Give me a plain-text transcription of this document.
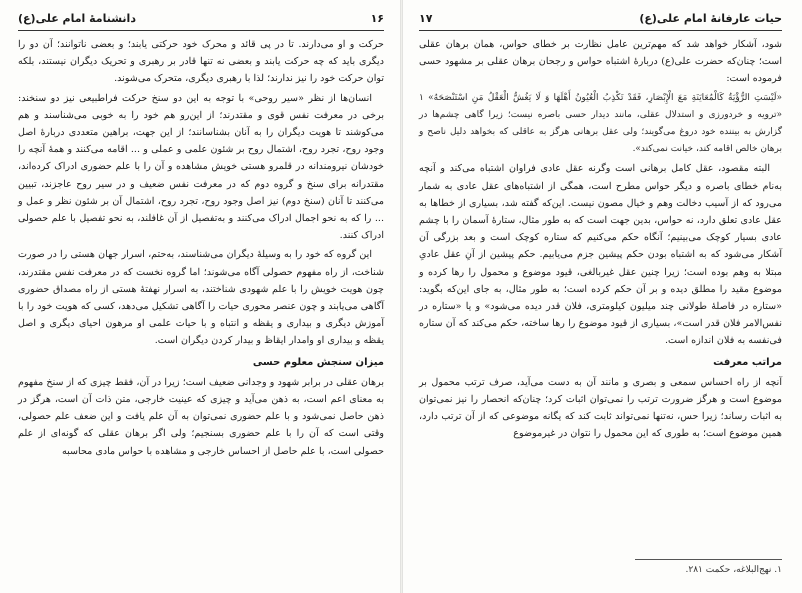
دانشنامهٔ امام علی(ع)	۱۶

حرکت و او می‌دارند. تا در پی قائد و محرک خود حرکتی یابند؛ و بعضی ناتوانند؛ آن دو را دیگری باید که چه حرکت یابند و بعضی نه تنها قادر بر رهبری و تحریک دیگران نیستند، بلکه توان حرکت خود را نیز ندارند؛ لذا با رهبری دیگری، متحرک می‌شوند.

انسان‌ها از نظر «سیر روحی» با توجه به این دو سنخ حرکت فراطبیعی نیز دو سنخند: برخی در معرفت نفس قوی و مقتدرند؛ از این‌رو هم خود را به خوبی می‌شناسند و هم می‌کوشند تا هویت دیگران را به آنان بشناسانند؛ از این جهت، براهین متعددی دربارهٔ اصل وجود روح، تجرد روح، اشتمال روح بر شئون علمی و عملی و ... اقامه می‌کنند و همهٔ آنچه را خودشان نیرومندانه در قلمرو هستی خویش مشاهده و آن را با علم حضوری ادراک کرده‌اند، مقتدرانه برای سنخ و گروه دوم که در معرفت نفس ضعیف و در سیر روح عاجزند، تبیین می‌کنند تا آنان (سنخ دوم) نیز اصل وجود روح، تجرد روح، اشتمال آن بر شئون نظر و عمل و ... را که به نحو اجمال ادراک می‌کنند و به‌تفصیل از آن غافلند، به نحو تفصیل با علم حصولی ادراک کنند.

این گروه که خود را به وسیلهٔ دیگران می‌شناسند، به‌حتم، اسرار جهان هستی را در صورت شناخت، از راه مفهوم حصولی آگاه می‌شوند؛ اما گروه نخست که در معرفت نفس مقتدرند، چون هویت خویش را با علم شهودی شناختند، به اسرار نهفتهٔ هستی از راه مصداق حضوری آگاهی می‌یابند و چون عنصر محوری حیات را آگاهی تشکیل می‌دهد، کسی که هویت خود را با آموزش دیگری و بیداری و یقظه و انتباه و با حیات علمی او مرهون احیای دیگری و اصل یقظه و بیداری او وامدار ایقاظ و بیدار کردن دیگران است.

میزان سنجش معلوم حسی

برهان عقلی در برابر شهود و وجدانی ضعیف است؛ زیرا در آن، فقط چیزی که از سنخ مفهوم به معنای اعم است، به ذهن می‌آید و چیزی که عینیت خارجی، متن ذات آن است، هرگز در ذهن حاصل نمی‌شود و با علم حضوری نمی‌توان به آن علم یافت و این ضعف علم حصولی، وقتی است که آن را با علم حضوری بسنجیم؛ ولی اگر برهان عقلی که گونه‌ای از علم حصولی است، با علم حاصل از احساس خارجی و مشاهده با حواس مادی محاسبه

حیات عارفانهٔ امام علی(ع)
۱۷

شود، آشکار خواهد شد که مهم‌ترین عامل نظارت بر خطای حواس، همان برهان عقلی است؛ چنان‌که حضرت علی(ع) دربارهٔ اشتباه حواس و رجحان برهان عقلی بر مشهود حسی فرموده است:

«لَیْسَتِ الرُّؤْیَةُ كَالْمُعَایَنَةِ مَعَ الْإِبْصَارِ، فَقَدْ تَكْذِبُ الْعُیُونُ أَهْلَهَا وَ لَا یَغُشُّ الْعَقْلُ مَنِ اسْتَنْصَحَهُ» ۱ «ترویه و خردورزی و استدلال عقلی، مانند دیدار حسی باصره نیست؛ زیرا گاهی چشم‌ها در گزارش به بیننده خود دروغ می‌گویند؛ ولی عقل برهانی هرگز به عاقلی که بخواهد دلیل ناصح و برهان خالص اقامه کند، خیانت نمی‌کند».

البته مقصود، عقل کامل برهانی است وگرنه عقل عادی فراوان اشتباه می‌کند و آنچه به‌نام خطای باصره و دیگر حواس مطرح است، همگی از اشتباه‌های عقل عادی به شمار می‌رود که از آسیب دخالت وهم و خیال مصون نیست. این‌که گفته شد، بسیاری از خطاها به عقل عادی تعلق دارد، نه حواس، بدین جهت است که به طور مثال، ستارهٔ آسمان را با چشم عادی بسیار کوچک می‌بینیم؛ آنگاه حکم می‌کنیم که ستاره کوچک است و بعد بزرگی آن آشکار می‌شود که به اشتباه بودن حکم پیشین جزم می‌یابیم. حکم پیشین از آنِ عقل عادیِ مبتلا به وهم بوده است؛ زیرا چنین عقل غیربالغی، قیود موضوع و محمول را رها کرده و موضوع مقید را مطلق دیده و بر آن حکم کرده است؛ به طور مثال، به جای این‌که بگوید: «ستاره در فاصلهٔ طولانی چند میلیون کیلومتری، فلان قدر دیده می‌شود» و یا «ستاره در نفس‌الامر فلان قدر است»، بسیاری از قیود موضوع را رها ساخته، حکم می‌کند که آن ستاره فی‌نفسه به فلان اندازه است.

مراتب معرفت

آنچه از راه احساس سمعی و بصری و مانند آن به دست می‌آید، صرف ترتب محمول بر موضوع است و هرگز ضرورت ترتب را نمی‌توان اثبات کرد؛ چنان‌که انحصار را نیز نمی‌توان به اثبات رساند؛ زیرا حس، نه‌تنها نمی‌تواند ثابت کند که یگانه موضوعی که از آن ترتب دارد، همین موضوع است؛ به طوری که این محمول را نتوان در غیرموضوع

۱. نهج‌البلاغه، حکمت ۲۸۱.
